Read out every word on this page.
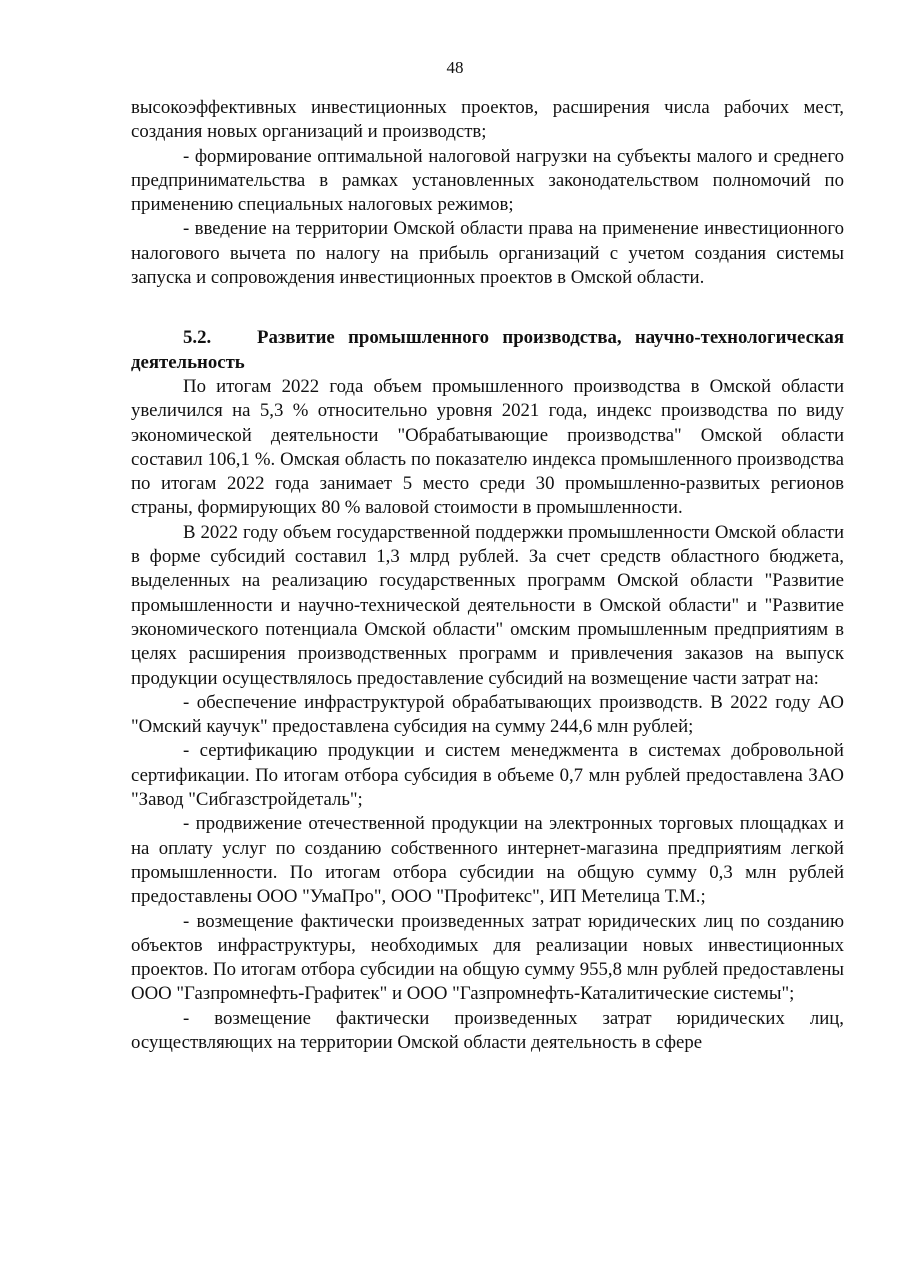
48

высокоэффективных инвестиционных проектов, расширения числа рабочих мест, создания новых организаций и производств;

- формирование оптимальной налоговой нагрузки на субъекты малого и среднего предпринимательства в рамках установленных законодательством полномочий по применению специальных налоговых режимов;

- введение на территории Омской области права на применение инвестиционного налогового вычета по налогу на прибыль организаций с учетом создания системы запуска и сопровождения инвестиционных проектов в Омской области.

5.2. Развитие промышленного производства, научно-технологическая деятельность

По итогам 2022 года объем промышленного производства в Омской области увеличился на 5,3 % относительно уровня 2021 года, индекс производства по виду экономической деятельности "Обрабатывающие производства" Омской области составил 106,1 %. Омская область по показателю индекса промышленного производства по итогам 2022 года занимает 5 место среди 30 промышленно-развитых регионов страны, формирующих 80 % валовой стоимости в промышленности.

В 2022 году объем государственной поддержки промышленности Омской области в форме субсидий составил 1,3 млрд рублей. За счет средств областного бюджета, выделенных на реализацию государственных программ Омской области "Развитие промышленности и научно-технической деятельности в Омской области" и "Развитие экономического потенциала Омской области" омским промышленным предприятиям в целях расширения производственных программ и привлечения заказов на выпуск продукции осуществлялось предоставление субсидий на возмещение части затрат на:

- обеспечение инфраструктурой обрабатывающих производств. В 2022 году АО "Омский каучук" предоставлена субсидия на сумму 244,6 млн рублей;

- сертификацию продукции и систем менеджмента в системах добровольной сертификации. По итогам отбора субсидия в объеме 0,7 млн рублей предоставлена ЗАО "Завод "Сибгазстройдеталь";

- продвижение отечественной продукции на электронных торговых площадках и на оплату услуг по созданию собственного интернет-магазина предприятиям легкой промышленности. По итогам отбора субсидии на общую сумму 0,3 млн рублей предоставлены ООО "УмаПро", ООО "Профитекс", ИП Метелица Т.М.;

- возмещение фактически произведенных затрат юридических лиц по созданию объектов инфраструктуры, необходимых для реализации новых инвестиционных проектов. По итогам отбора субсидии на общую сумму 955,8 млн рублей предоставлены ООО "Газпромнефть-Графитек" и ООО "Газпромнефть-Каталитические системы";

- возмещение фактически произведенных затрат юридических лиц, осуществляющих на территории Омской области деятельность в сфере
